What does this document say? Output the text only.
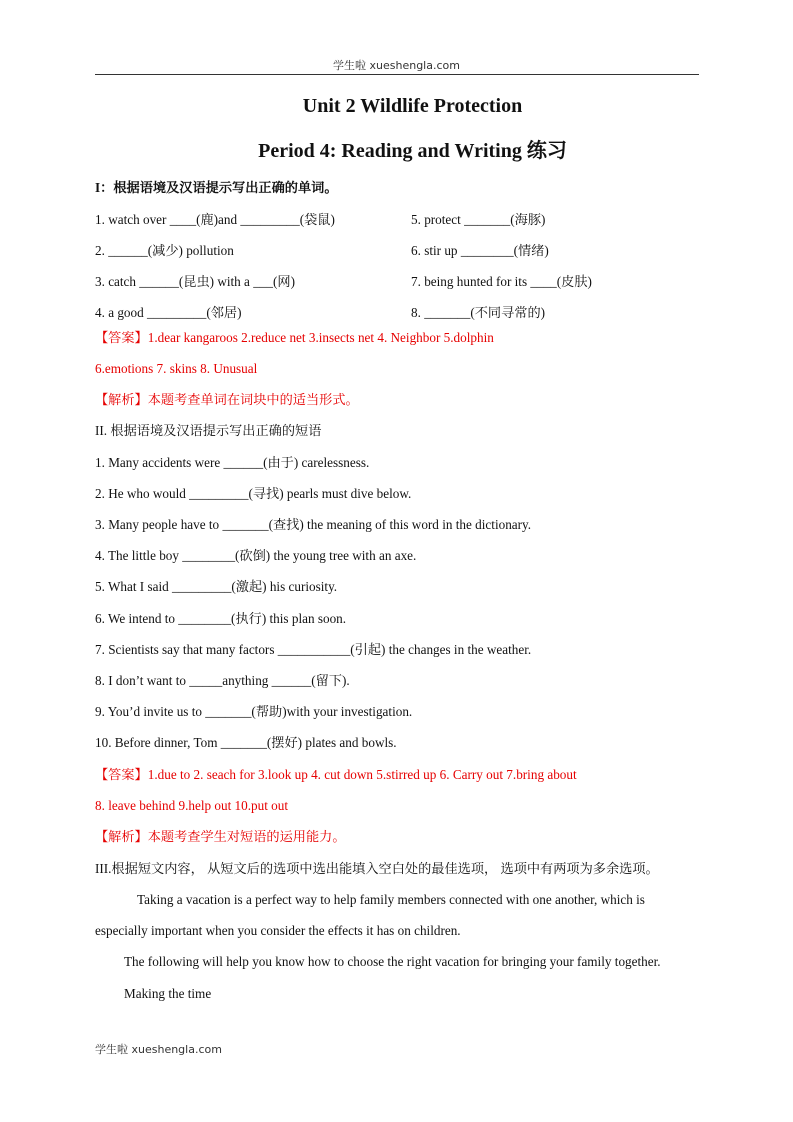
学生啦 xueshengla.com
Unit 2 Wildlife Protection
Period 4: Reading and Writing 练习
I：根据语境及汉语提示写出正确的单词。
1. watch over ____(鹿)and _________(袋鼠)
2. ______(减少) pollution
3. catch ______(昆虫) with a ___(网)
4. a good _________(邻居)
5. protect _______(海豚)
6. stir up ________(情绪)
7. being hunted for its ____(皮肤)
8. _______(不同寻常的)
【答案】1.dear kangaroos 2.reduce net 3.insects net 4. Neighbor 5.dolphin
6.emotions 7. skins 8. Unusual
【解析】本题考查单词在词块中的适当形式。
II. 根据语境及汉语提示写出正确的短语
1. Many accidents were ______(由于) carelessness.
2. He who would _________(寻找) pearls must dive below.
3. Many people have to _______(查找) the meaning of this word in the dictionary.
4. The little boy ________(砍倒) the young tree with an axe.
5. What I said _________(激起) his curiosity.
6. We intend to ________(执行) this plan soon.
7. Scientists say that many factors ___________(引起) the changes in the weather.
8. I don’t want to _____anything ______(留下).
9. You’d invite us to _______(帮助)with your investigation.
10. Before dinner, Tom _______(摆好) plates and bowls.
【答案】1.due to 2. seach for 3.look up 4. cut down 5.stirred up 6. Carry out 7.bring about
8. leave behind 9.help out 10.put out
【解析】本题考查学生对短语的运用能力。
III.根据短文内容， 从短文后的选项中选出能填入空白处的最佳选项， 选项中有两项为多余选项。
Taking a vacation is a perfect way to help family members connected with one another, which is
especially important when you consider the effects it has on children.
The following will help you know how to choose the right vacation for bringing your family together.
Making the time
学生啦 xueshengla.com
